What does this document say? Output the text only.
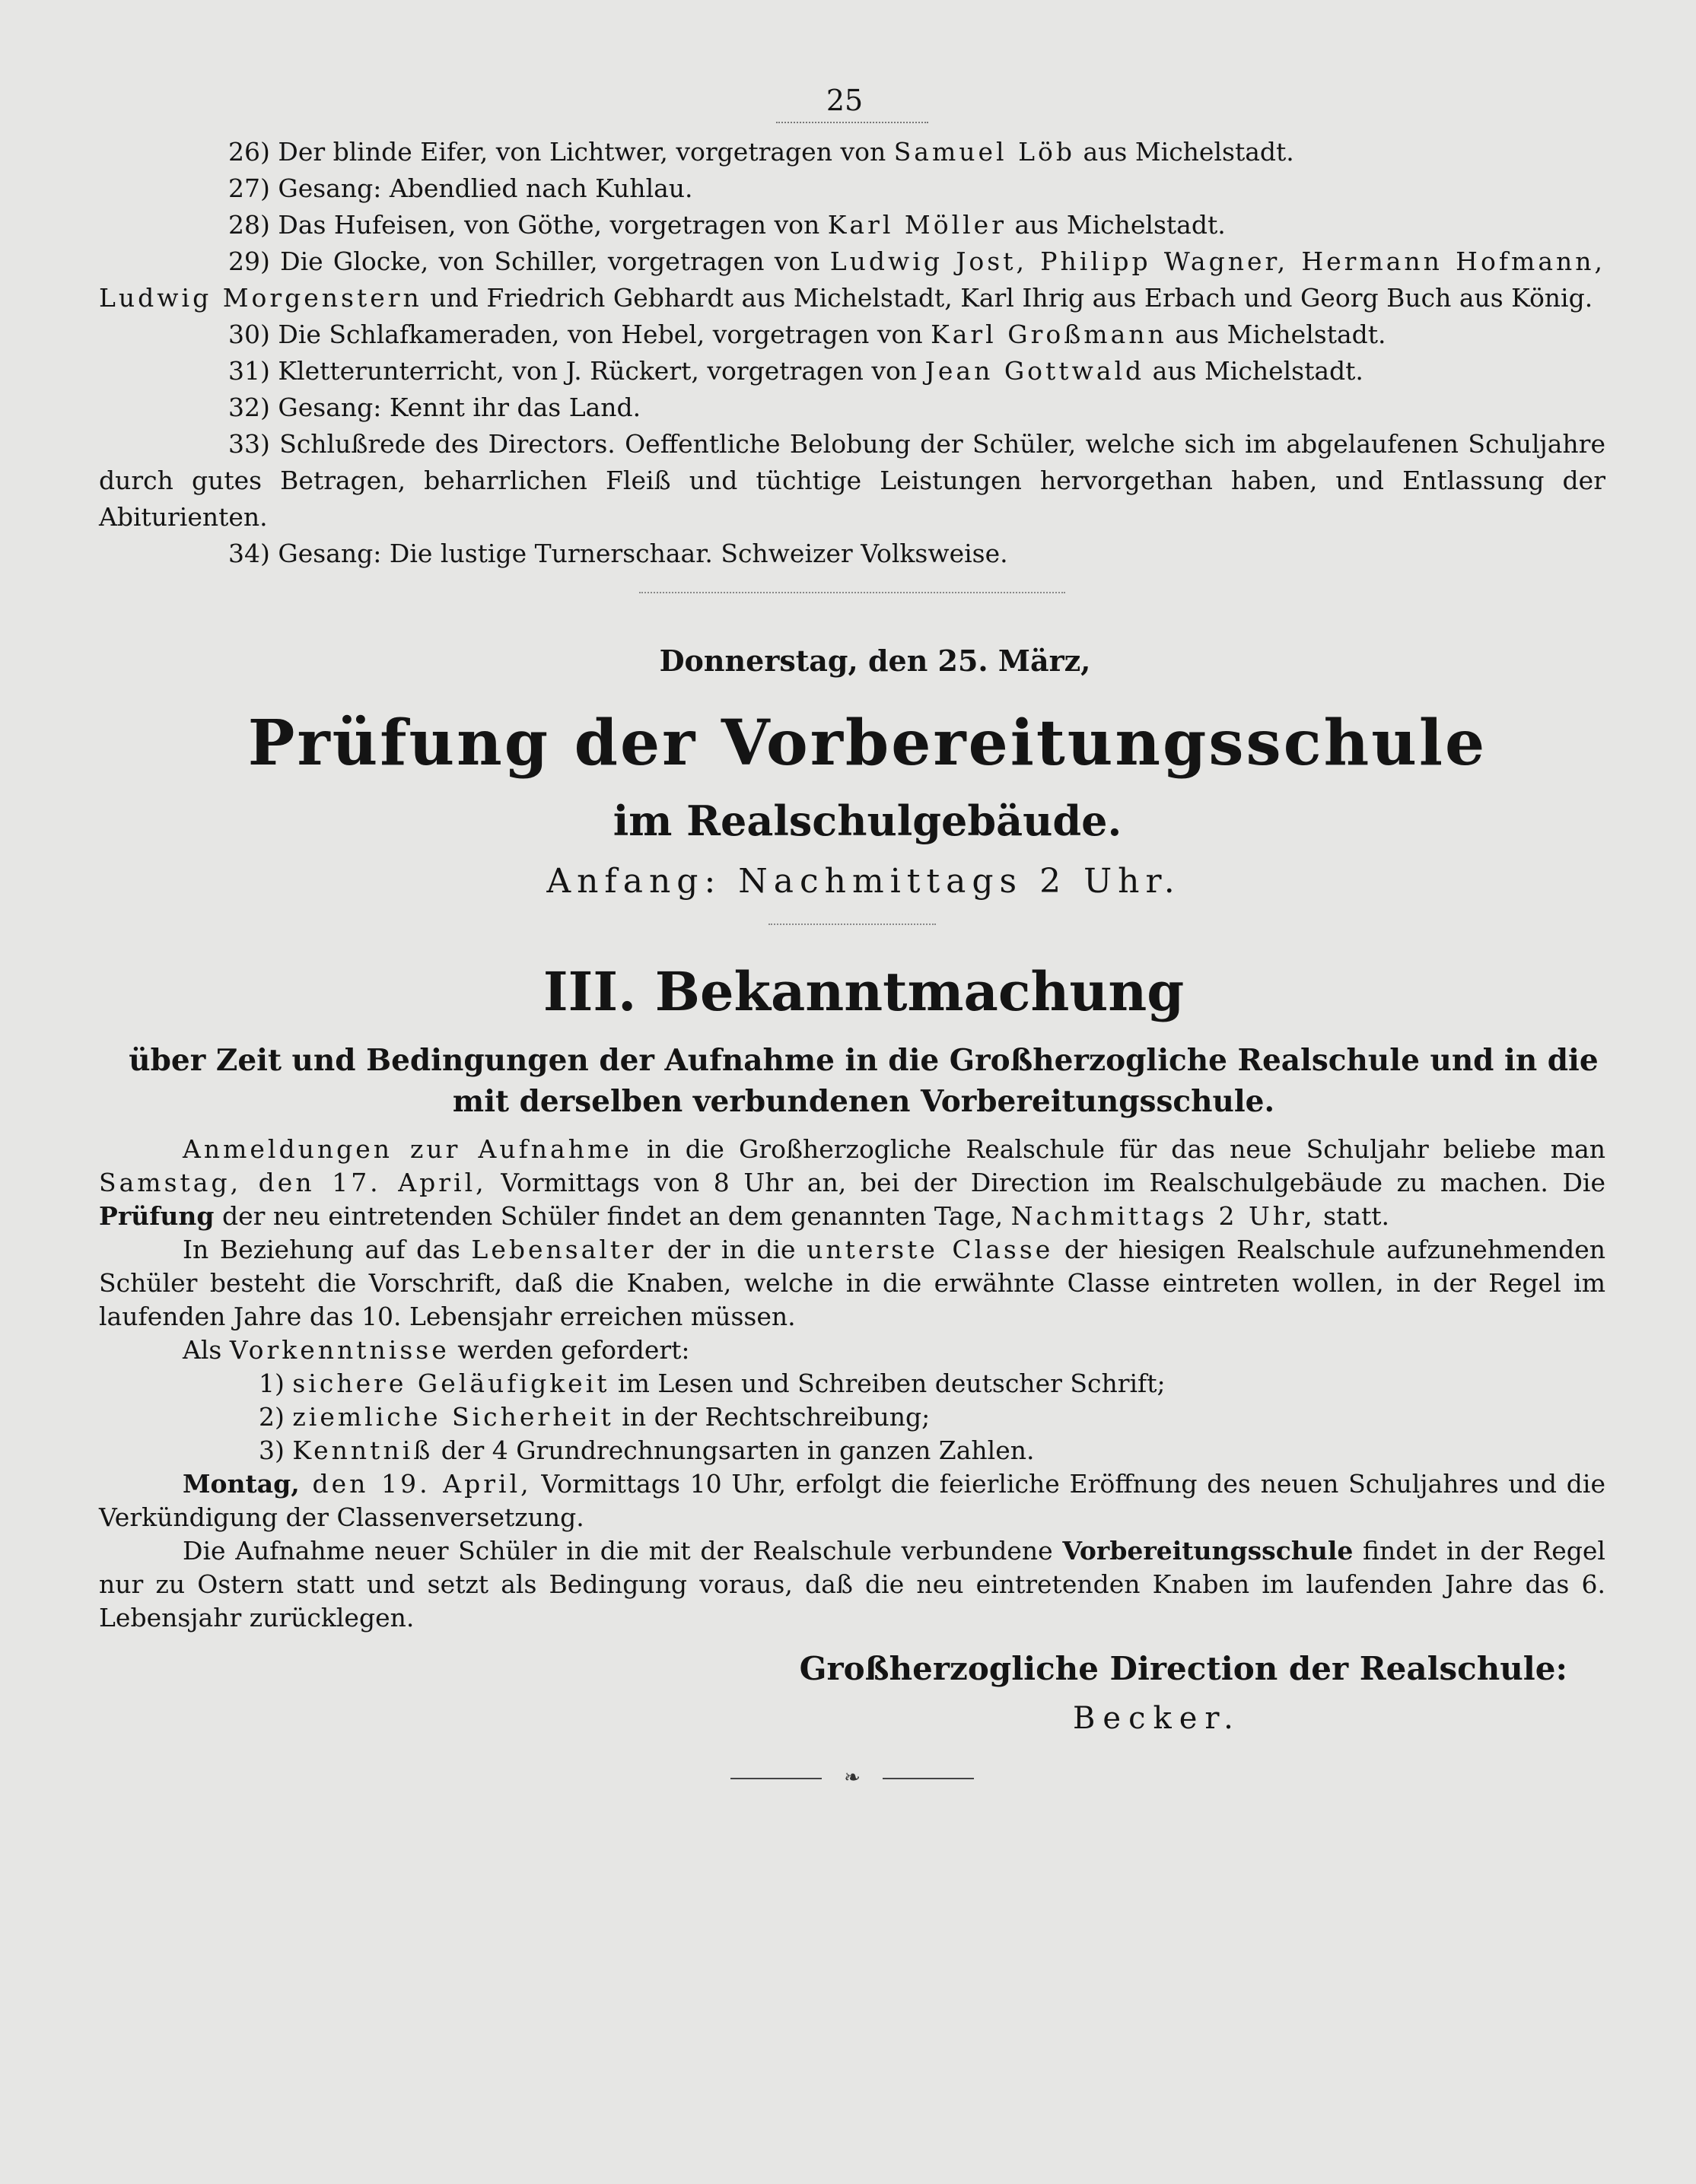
25
26) Der blinde Eifer, von Lichtwer, vorgetragen von Samuel Löb aus Michelstadt.
27) Gesang: Abendlied nach Kuhlau.
28) Das Hufeisen, von Göthe, vorgetragen von Karl Möller aus Michelstadt.
29) Die Glocke, von Schiller, vorgetragen von Ludwig Jost, Philipp Wagner, Hermann Hofmann, Ludwig Morgenstern und Friedrich Gebhardt aus Michelstadt, Karl Ihrig aus Erbach und Georg Buch aus König.
30) Die Schlafkameraden, von Hebel, vorgetragen von Karl Großmann aus Michelstadt.
31) Kletterunterricht, von J. Rückert, vorgetragen von Jean Gottwald aus Michelstadt.
32) Gesang: Kennt ihr das Land.
33) Schlußrede des Directors. Oeffentliche Belobung der Schüler, welche sich im abgelaufenen Schuljahre durch gutes Betragen, beharrlichen Fleiß und tüchtige Leistungen hervorgethan haben, und Entlassung der Abiturienten.
34) Gesang: Die lustige Turnerschaar. Schweizer Volksweise.
Donnerstag, den 25. März,
Prüfung der Vorbereitungsschule
im Realschulgebäude.
Anfang: Nachmittags 2 Uhr.
III. Bekanntmachung
über Zeit und Bedingungen der Aufnahme in die Großherzogliche Realschule und in die
mit derselben verbundenen Vorbereitungsschule.

Anmeldungen zur Aufnahme in die Großherzogliche Realschule für das neue Schuljahr beliebe man Samstag, den 17. April, Vormittags von 8 Uhr an, bei der Direction im Realschulgebäude zu machen. Die Prüfung der neu eintretenden Schüler findet an dem genannten Tage, Nachmittags 2 Uhr, statt.

In Beziehung auf das Lebensalter der in die unterste Classe der hiesigen Realschule aufzunehmenden Schüler besteht die Vorschrift, daß die Knaben, welche in die erwähnte Classe eintreten wollen, in der Regel im laufenden Jahre das 10. Lebensjahr erreichen müssen.

Als Vorkenntnisse werden gefordert:

1) sichere Geläufigkeit im Lesen und Schreiben deutscher Schrift;
2) ziemliche Sicherheit in der Rechtschreibung;
3) Kenntniß der 4 Grundrechnungsarten in ganzen Zahlen.

Montag, den 19. April, Vormittags 10 Uhr, erfolgt die feierliche Eröffnung des neuen Schuljahres und die Verkündigung der Classenversetzung.

Die Aufnahme neuer Schüler in die mit der Realschule verbundene Vorbereitungsschule findet in der Regel nur zu Ostern statt und setzt als Bedingung voraus, daß die neu eintretenden Knaben im laufenden Jahre das 6. Lebensjahr zurücklegen.

Großherzogliche Direction der Realschule:
Becker.
❧
